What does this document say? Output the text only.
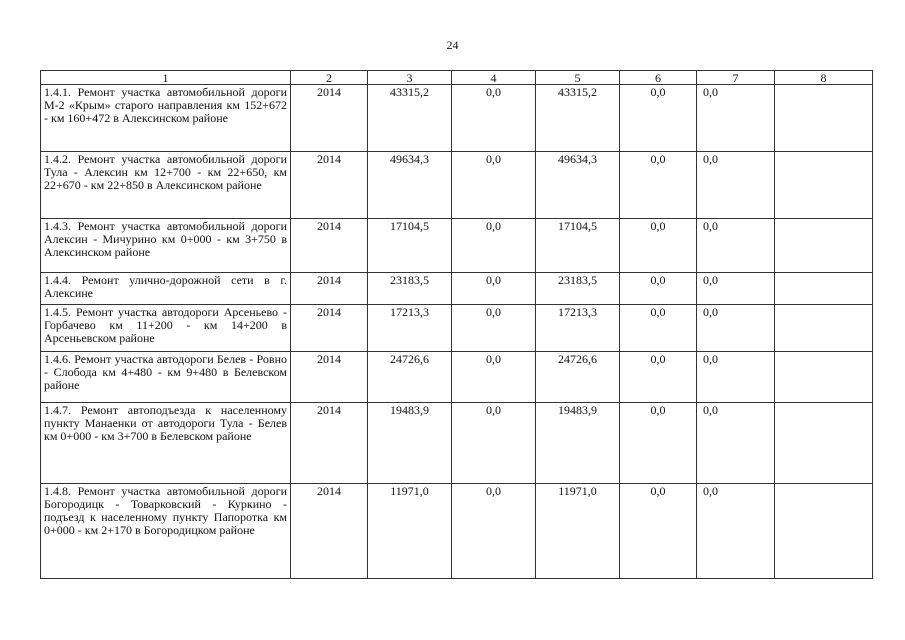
24
1	2	3	4	5	6	7	8
1.4.1. Ремонт участка автомобильной дороги М-2 «Крым» старого направления км 152+672 - км 160+472 в Алексинском районе	2014	43315,2	0,0	43315,2	0,0	0,0	
1.4.2. Ремонт участка автомобильной дороги Тула - Алексин км 12+700 - км 22+650, км 22+670 - км 22+850 в Алексинском районе	2014	49634,3	0,0	49634,3	0,0	0,0	
1.4.3. Ремонт участка автомобильной дороги Алексин - Мичурино км 0+000 - км 3+750 в Алексинском районе	2014	17104,5	0,0	17104,5	0,0	0,0	
1.4.4. Ремонт улично-дорожной сети в г. Алексине	2014	23183,5	0,0	23183,5	0,0	0,0	
1.4.5. Ремонт участка автодороги Арсеньево - Горбачево км 11+200 - км 14+200 в Арсеньевском районе	2014	17213,3	0,0	17213,3	0,0	0,0	
1.4.6. Ремонт участка автодороги Белев - Ровно - Слобода км 4+480 - км 9+480 в Белевском районе	2014	24726,6	0,0	24726,6	0,0	0,0	
1.4.7. Ремонт автоподъезда к населенному пункту Манаенки от автодороги Тула - Белев км 0+000 - км 3+700 в Белевском районе	2014	19483,9	0,0	19483,9	0,0	0,0	
1.4.8. Ремонт участка автомобильной дороги Богородицк - Товарковский - Куркино - подъезд к населенному пункту Папоротка км 0+000 - км 2+170 в Богородицком районе	2014	11971,0	0,0	11971,0	0,0	0,0	
